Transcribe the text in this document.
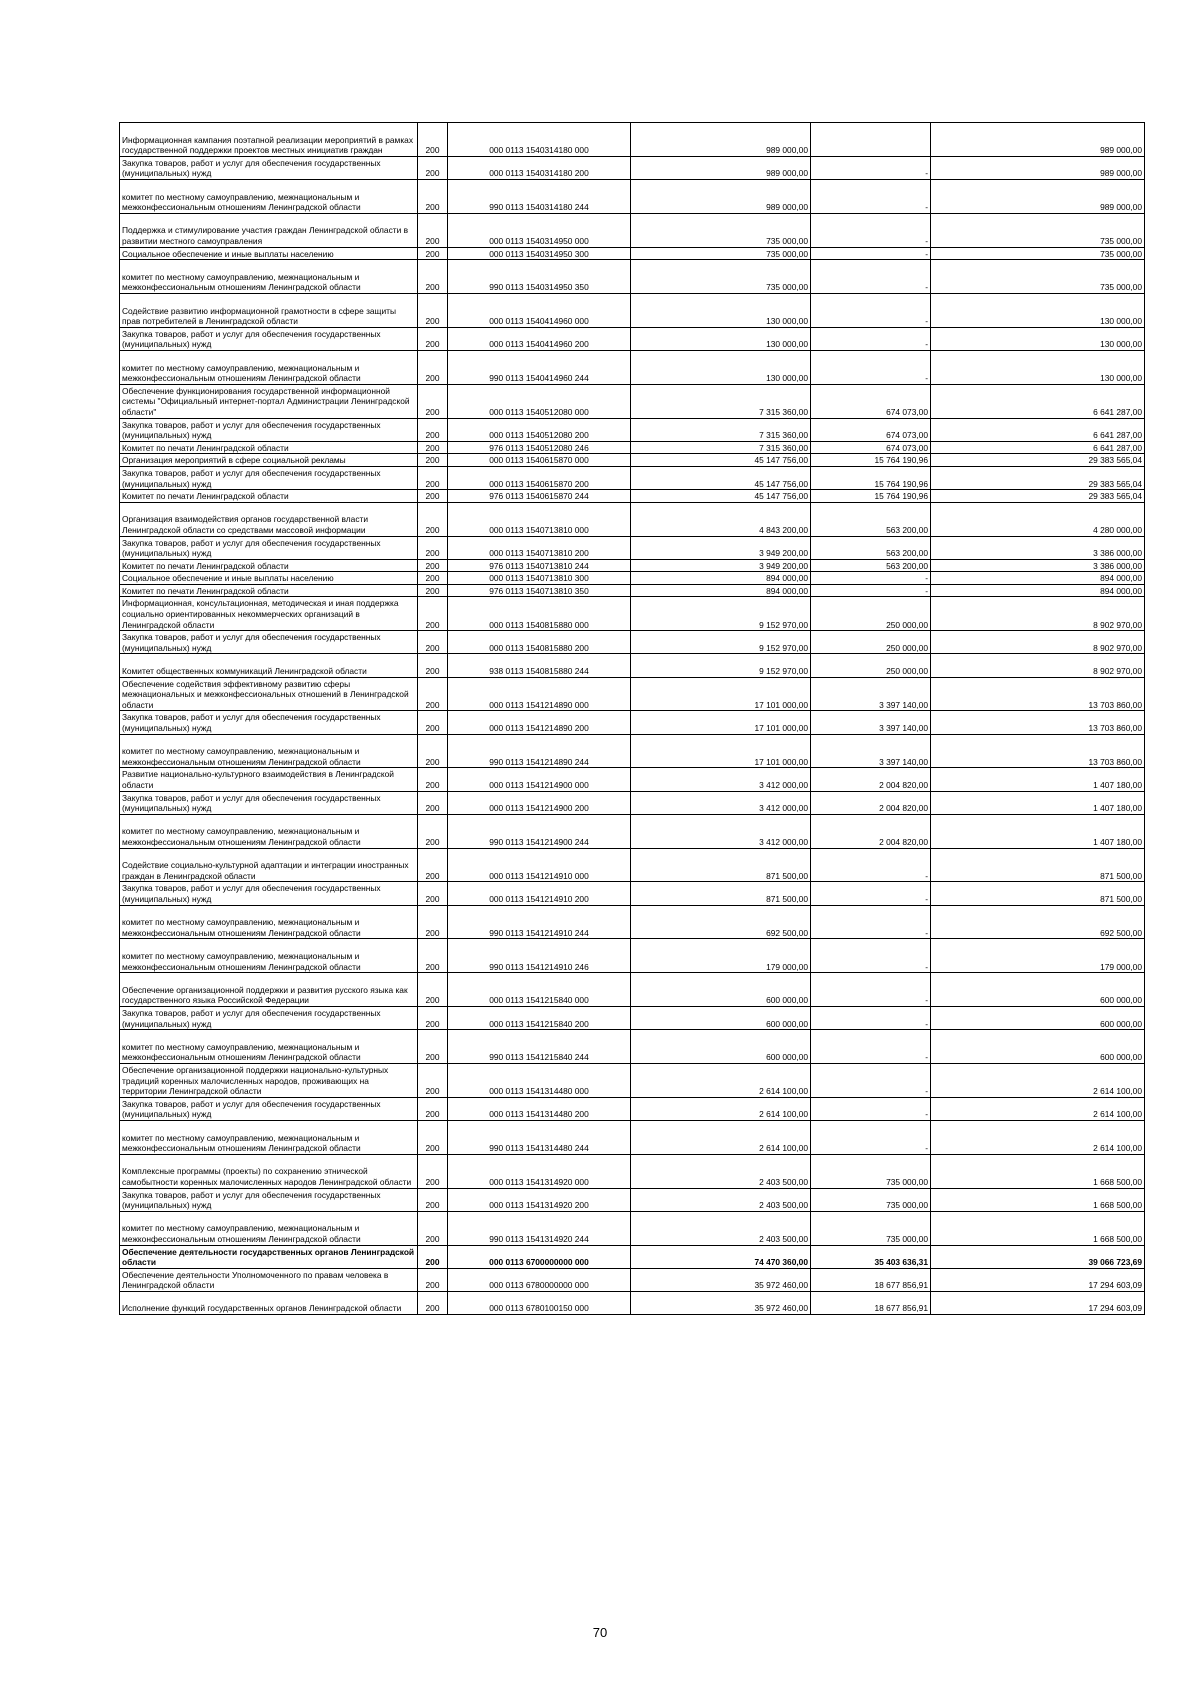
Информационная кампания поэтапной реализации мероприятий в рамках государственной поддержки проектов местных инициатив граждан	200	000 0113 1540314180 000	989 000,00		989 000,00
Закупка товаров, работ и услуг для обеспечения государственных (муниципальных) нужд	200	000 0113 1540314180 200	989 000,00	-	989 000,00
комитет по местному самоуправлению, межнациональным и межконфессиональным отношениям Ленинградской области	200	990 0113 1540314180 244	989 000,00	-	989 000,00
Поддержка и стимулирование участия граждан Ленинградской области в развитии местного самоуправления	200	000 0113 1540314950 000	735 000,00	-	735 000,00
Социальное обеспечение и иные выплаты населению	200	000 0113 1540314950 300	735 000,00	-	735 000,00
комитет по местному самоуправлению, межнациональным и межконфессиональным отношениям Ленинградской области	200	990 0113 1540314950 350	735 000,00	-	735 000,00
Содействие развитию информационной грамотности в сфере защиты прав потребителей в Ленинградской области	200	000 0113 1540414960 000	130 000,00	-	130 000,00
Закупка товаров, работ и услуг для обеспечения государственных (муниципальных) нужд	200	000 0113 1540414960 200	130 000,00	-	130 000,00
комитет по местному самоуправлению, межнациональным и межконфессиональным отношениям Ленинградской области	200	990 0113 1540414960 244	130 000,00	-	130 000,00
Обеспечение функционирования государственной информационной системы "Официальный интернет-портал Администрации Ленинградской области"	200	000 0113 1540512080 000	7 315 360,00	674 073,00	6 641 287,00
Закупка товаров, работ и услуг для обеспечения государственных (муниципальных) нужд	200	000 0113 1540512080 200	7 315 360,00	674 073,00	6 641 287,00
Комитет по печати Ленинградской области	200	976 0113 1540512080 246	7 315 360,00	674 073,00	6 641 287,00
Организация мероприятий в сфере социальной рекламы	200	000 0113 1540615870 000	45 147 756,00	15 764 190,96	29 383 565,04
Закупка товаров, работ и услуг для обеспечения государственных (муниципальных) нужд	200	000 0113 1540615870 200	45 147 756,00	15 764 190,96	29 383 565,04
Комитет по печати Ленинградской области	200	976 0113 1540615870 244	45 147 756,00	15 764 190,96	29 383 565,04
Организация взаимодействия органов государственной власти Ленинградской области со средствами массовой информации	200	000 0113 1540713810 000	4 843 200,00	563 200,00	4 280 000,00
Закупка товаров, работ и услуг для обеспечения государственных (муниципальных) нужд	200	000 0113 1540713810 200	3 949 200,00	563 200,00	3 386 000,00
Комитет по печати Ленинградской области	200	976 0113 1540713810 244	3 949 200,00	563 200,00	3 386 000,00
Социальное обеспечение и иные выплаты населению	200	000 0113 1540713810 300	894 000,00	-	894 000,00
Комитет по печати Ленинградской области	200	976 0113 1540713810 350	894 000,00	-	894 000,00
Информационная, консультационная, методическая и иная поддержка социально ориентированных некоммерческих организаций в Ленинградской области	200	000 0113 1540815880 000	9 152 970,00	250 000,00	8 902 970,00
Закупка товаров, работ и услуг для обеспечения государственных (муниципальных) нужд	200	000 0113 1540815880 200	9 152 970,00	250 000,00	8 902 970,00
Комитет общественных коммуникаций Ленинградской области	200	938 0113 1540815880 244	9 152 970,00	250 000,00	8 902 970,00
Обеспечение содействия эффективному развитию сферы межнациональных и межконфессиональных отношений в Ленинградской области	200	000 0113 1541214890 000	17 101 000,00	3 397 140,00	13 703 860,00
Закупка товаров, работ и услуг для обеспечения государственных (муниципальных) нужд	200	000 0113 1541214890 200	17 101 000,00	3 397 140,00	13 703 860,00
комитет по местному самоуправлению, межнациональным и межконфессиональным отношениям Ленинградской области	200	990 0113 1541214890 244	17 101 000,00	3 397 140,00	13 703 860,00
Развитие национально-культурного взаимодействия в Ленинградской области	200	000 0113 1541214900 000	3 412 000,00	2 004 820,00	1 407 180,00
Закупка товаров, работ и услуг для обеспечения государственных (муниципальных) нужд	200	000 0113 1541214900 200	3 412 000,00	2 004 820,00	1 407 180,00
комитет по местному самоуправлению, межнациональным и межконфессиональным отношениям Ленинградской области	200	990 0113 1541214900 244	3 412 000,00	2 004 820,00	1 407 180,00
Содействие социально-культурной адаптации и интеграции иностранных граждан в Ленинградской области	200	000 0113 1541214910 000	871 500,00	-	871 500,00
Закупка товаров, работ и услуг для обеспечения государственных (муниципальных) нужд	200	000 0113 1541214910 200	871 500,00	-	871 500,00
комитет по местному самоуправлению, межнациональным и межконфессиональным отношениям Ленинградской области	200	990 0113 1541214910 244	692 500,00	-	692 500,00
комитет по местному самоуправлению, межнациональным и межконфессиональным отношениям Ленинградской области	200	990 0113 1541214910 246	179 000,00	-	179 000,00
Обеспечение организационной поддержки и развития русского языка как государственного языка Российской Федерации	200	000 0113 1541215840 000	600 000,00	-	600 000,00
Закупка товаров, работ и услуг для обеспечения государственных (муниципальных) нужд	200	000 0113 1541215840 200	600 000,00	-	600 000,00
комитет по местному самоуправлению, межнациональным и межконфессиональным отношениям Ленинградской области	200	990 0113 1541215840 244	600 000,00	-	600 000,00
Обеспечение организационной поддержки национально-культурных традиций коренных малочисленных народов, проживающих на территории Ленинградской области	200	000 0113 1541314480 000	2 614 100,00	-	2 614 100,00
Закупка товаров, работ и услуг для обеспечения государственных (муниципальных) нужд	200	000 0113 1541314480 200	2 614 100,00	-	2 614 100,00
комитет по местному самоуправлению, межнациональным и межконфессиональным отношениям Ленинградской области	200	990 0113 1541314480 244	2 614 100,00	-	2 614 100,00
Комплексные программы (проекты) по сохранению этнической самобытности коренных малочисленных народов Ленинградской области	200	000 0113 1541314920 000	2 403 500,00	735 000,00	1 668 500,00
Закупка товаров, работ и услуг для обеспечения государственных (муниципальных) нужд	200	000 0113 1541314920 200	2 403 500,00	735 000,00	1 668 500,00
комитет по местному самоуправлению, межнациональным и межконфессиональным отношениям Ленинградской области	200	990 0113 1541314920 244	2 403 500,00	735 000,00	1 668 500,00
Обеспечение деятельности государственных органов Ленинградской области	200	000 0113 6700000000 000	74 470 360,00	35 403 636,31	39 066 723,69
Обеспечение деятельности Уполномоченного по правам человека в Ленинградской области	200	000 0113 6780000000 000	35 972 460,00	18 677 856,91	17 294 603,09
Исполнение функций государственных органов Ленинградской области	200	000 0113 6780100150 000	35 972 460,00	18 677 856,91	17 294 603,09
70
